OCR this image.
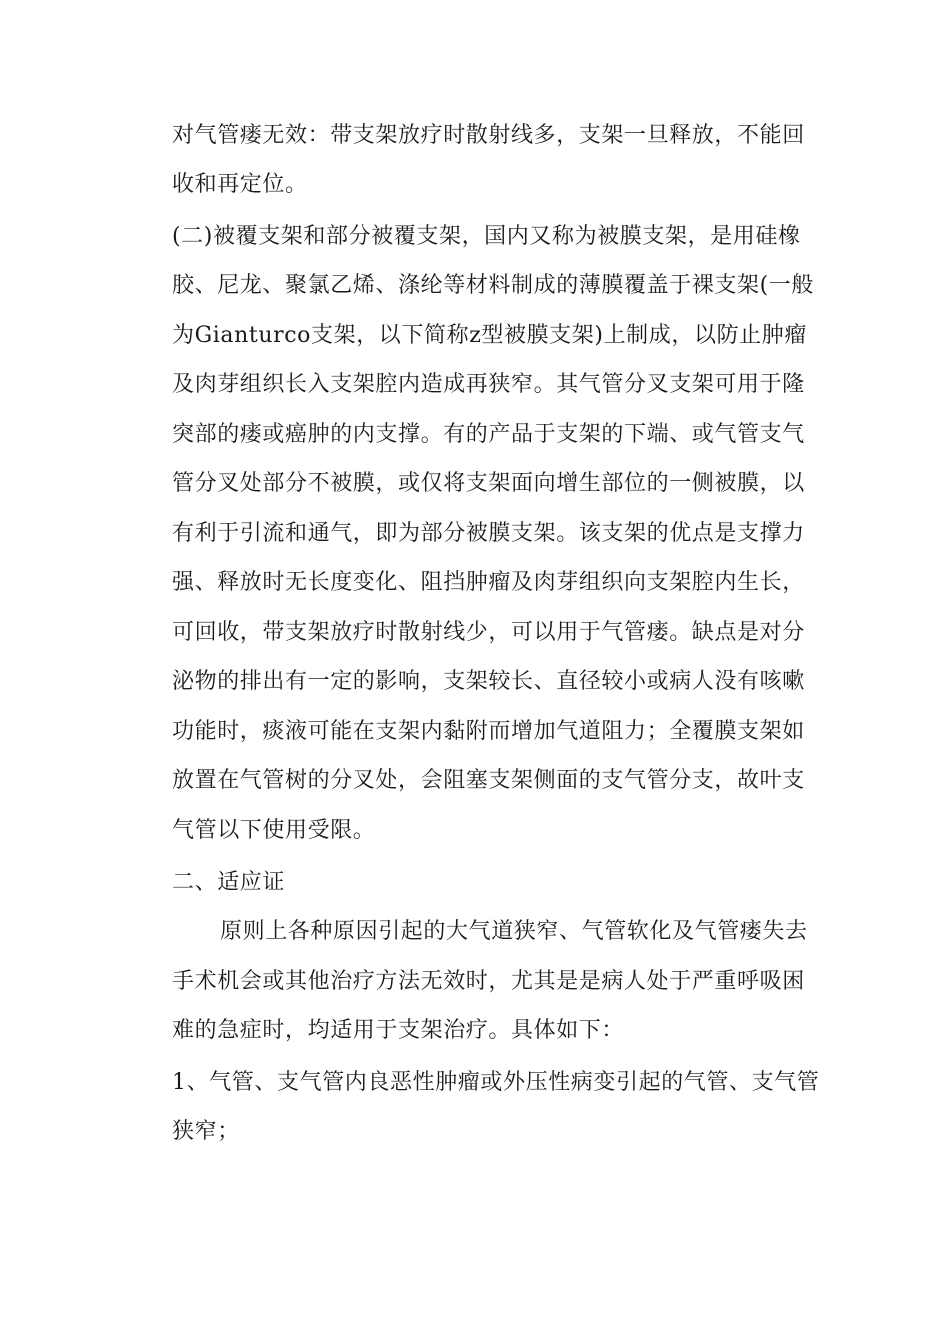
对气管瘘无效：带支架放疗时散射线多，支架一旦释放，不能回
收和再定位。
(二)被覆支架和部分被覆支架，国内又称为被膜支架，是用硅橡
胶、尼龙、聚氯乙烯、涤纶等材料制成的薄膜覆盖于裸支架(一般
为Gianturco支架，以下简称z型被膜支架)上制成，以防止肿瘤
及肉芽组织长入支架腔内造成再狭窄。其气管分叉支架可用于隆
突部的瘘或癌肿的内支撑。有的产品于支架的下端、或气管支气
管分叉处部分不被膜，或仅将支架面向增生部位的一侧被膜，以
有利于引流和通气，即为部分被膜支架。该支架的优点是支撑力
强、释放时无长度变化、阻挡肿瘤及肉芽组织向支架腔内生长，
可回收，带支架放疗时散射线少，可以用于气管瘘。缺点是对分
泌物的排出有一定的影响，支架较长、直径较小或病人没有咳嗽
功能时，痰液可能在支架内黏附而增加气道阻力；全覆膜支架如
放置在气管树的分叉处，会阻塞支架侧面的支气管分支，故叶支
气管以下使用受限。
二、适应证
原则上各种原因引起的大气道狭窄、气管软化及气管瘘失去
手术机会或其他治疗方法无效时，尤其是是病人处于严重呼吸困
难的急症时，均适用于支架治疗。具体如下：
1、气管、支气管内良恶性肿瘤或外压性病变引起的气管、支气管
狭窄；
